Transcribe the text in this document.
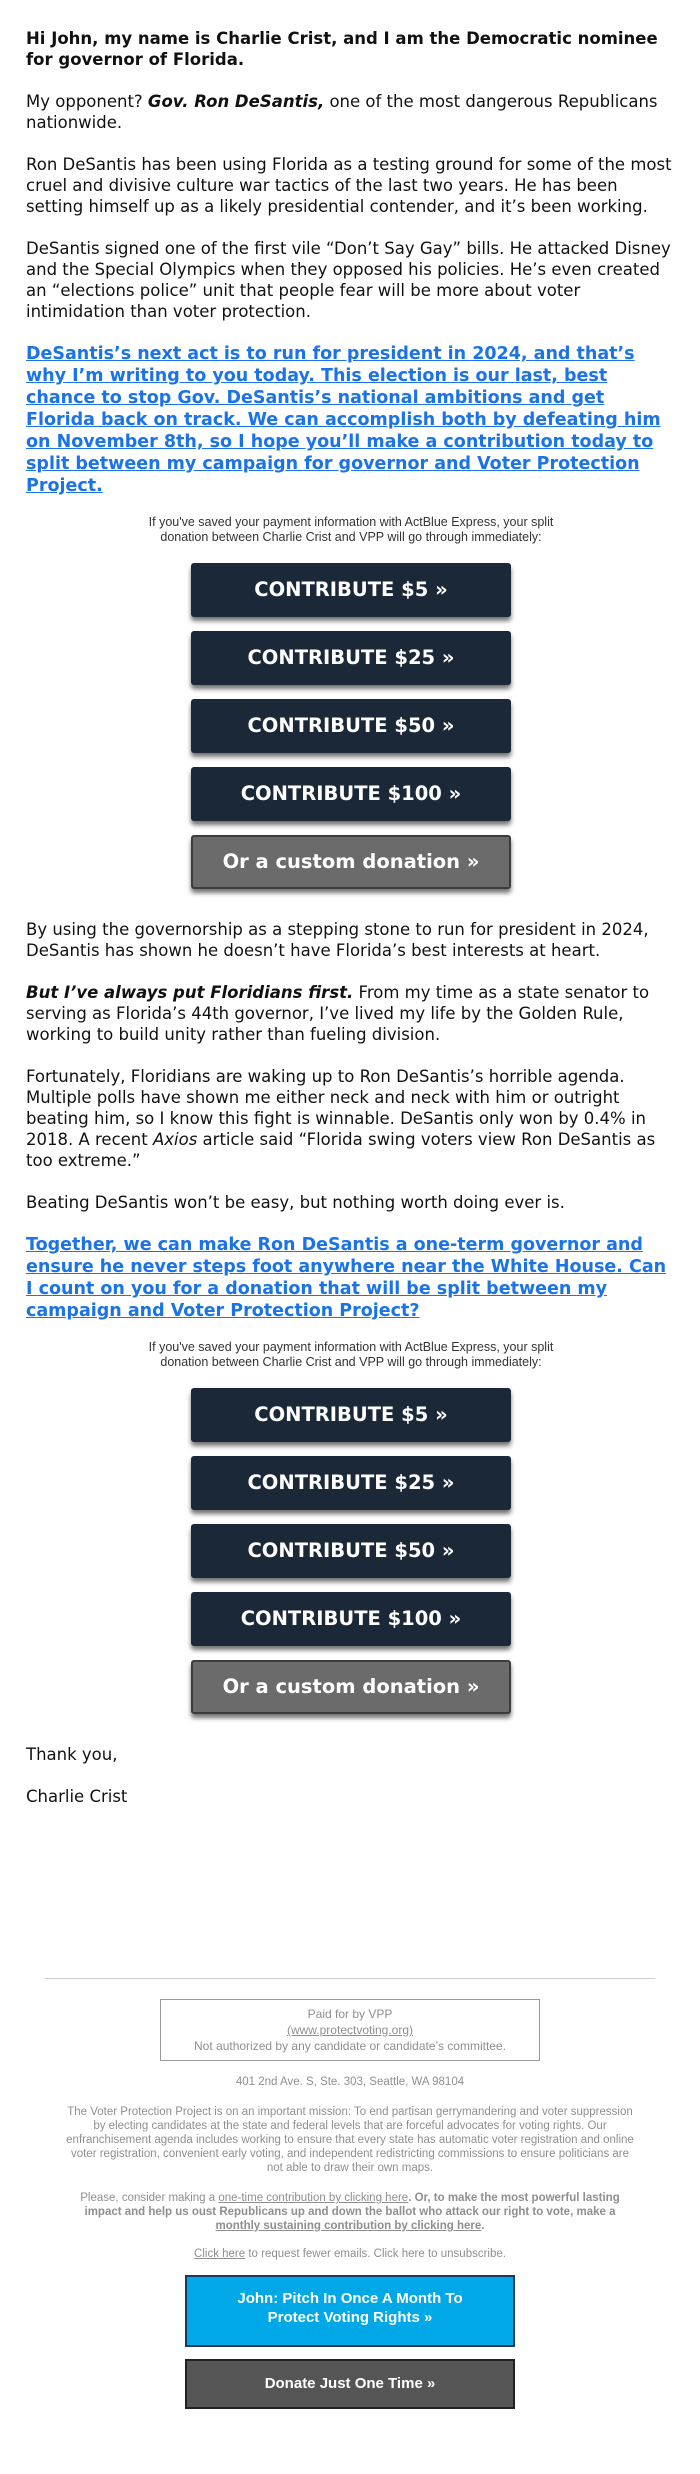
Hi John, my name is Charlie Crist, and I am the Democratic nominee for governor of Florida.

My opponent? Gov. Ron DeSantis, one of the most dangerous Republicans nationwide.

Ron DeSantis has been using Florida as a testing ground for some of the most cruel and divisive culture war tactics of the last two years. He has been setting himself up as a likely presidential contender, and it’s been working.

DeSantis signed one of the first vile “Don’t Say Gay” bills. He attacked Disney and the Special Olympics when they opposed his policies. He’s even created an “elections police” unit that people fear will be more about voter intimidation than voter protection.

DeSantis’s next act is to run for president in 2024, and that’s why I’m writing to you today. This election is our last, best chance to stop Gov. DeSantis’s national ambitions and get Florida back on track. We can accomplish both by defeating him on November 8th, so I hope you’ll make a contribution today to split between my campaign for governor and Voter Protection Project.

If you've saved your payment information with ActBlue Express, your split donation between Charlie Crist and VPP will go through immediately:
CONTRIBUTE $5 »
CONTRIBUTE $25 »
CONTRIBUTE $50 »
CONTRIBUTE $100 »
Or a custom donation »

By using the governorship as a stepping stone to run for president in 2024, DeSantis has shown he doesn’t have Florida’s best interests at heart.

But I’ve always put Floridians first. From my time as a state senator to serving as Florida’s 44th governor, I’ve lived my life by the Golden Rule, working to build unity rather than fueling division.

Fortunately, Floridians are waking up to Ron DeSantis’s horrible agenda. Multiple polls have shown me either neck and neck with him or outright beating him, so I know this fight is winnable. DeSantis only won by 0.4% in 2018. A recent Axios article said “Florida swing voters view Ron DeSantis as too extreme.”

Beating DeSantis won’t be easy, but nothing worth doing ever is.

Together, we can make Ron DeSantis a one-term governor and ensure he never steps foot anywhere near the White House. Can I count on you for a donation that will be split between my campaign and Voter Protection Project?

If you've saved your payment information with ActBlue Express, your split donation between Charlie Crist and VPP will go through immediately:
CONTRIBUTE $5 »
CONTRIBUTE $25 »
CONTRIBUTE $50 »
CONTRIBUTE $100 »
Or a custom donation »

Thank you,

Charlie Crist

Paid for by VPP
(www.protectvoting.org)
Not authorized by any candidate or candidate’s committee.
401 2nd Ave. S, Ste. 303, Seattle, WA 98104
The Voter Protection Project is on an important mission: To end partisan gerrymandering and voter suppression by electing candidates at the state and federal levels that are forceful advocates for voting rights. Our enfranchisement agenda includes working to ensure that every state has automatic voter registration and online voter registration, convenient early voting, and independent redistricting commissions to ensure politicians are not able to draw their own maps.
Please, consider making a one-time contribution by clicking here. Or, to make the most powerful lasting impact and help us oust Republicans up and down the ballot who attack our right to vote, make a monthly sustaining contribution by clicking here.
Click here to request fewer emails. Click here to unsubscribe.
John: Pitch In Once A Month To Protect Voting Rights »
Donate Just One Time »
